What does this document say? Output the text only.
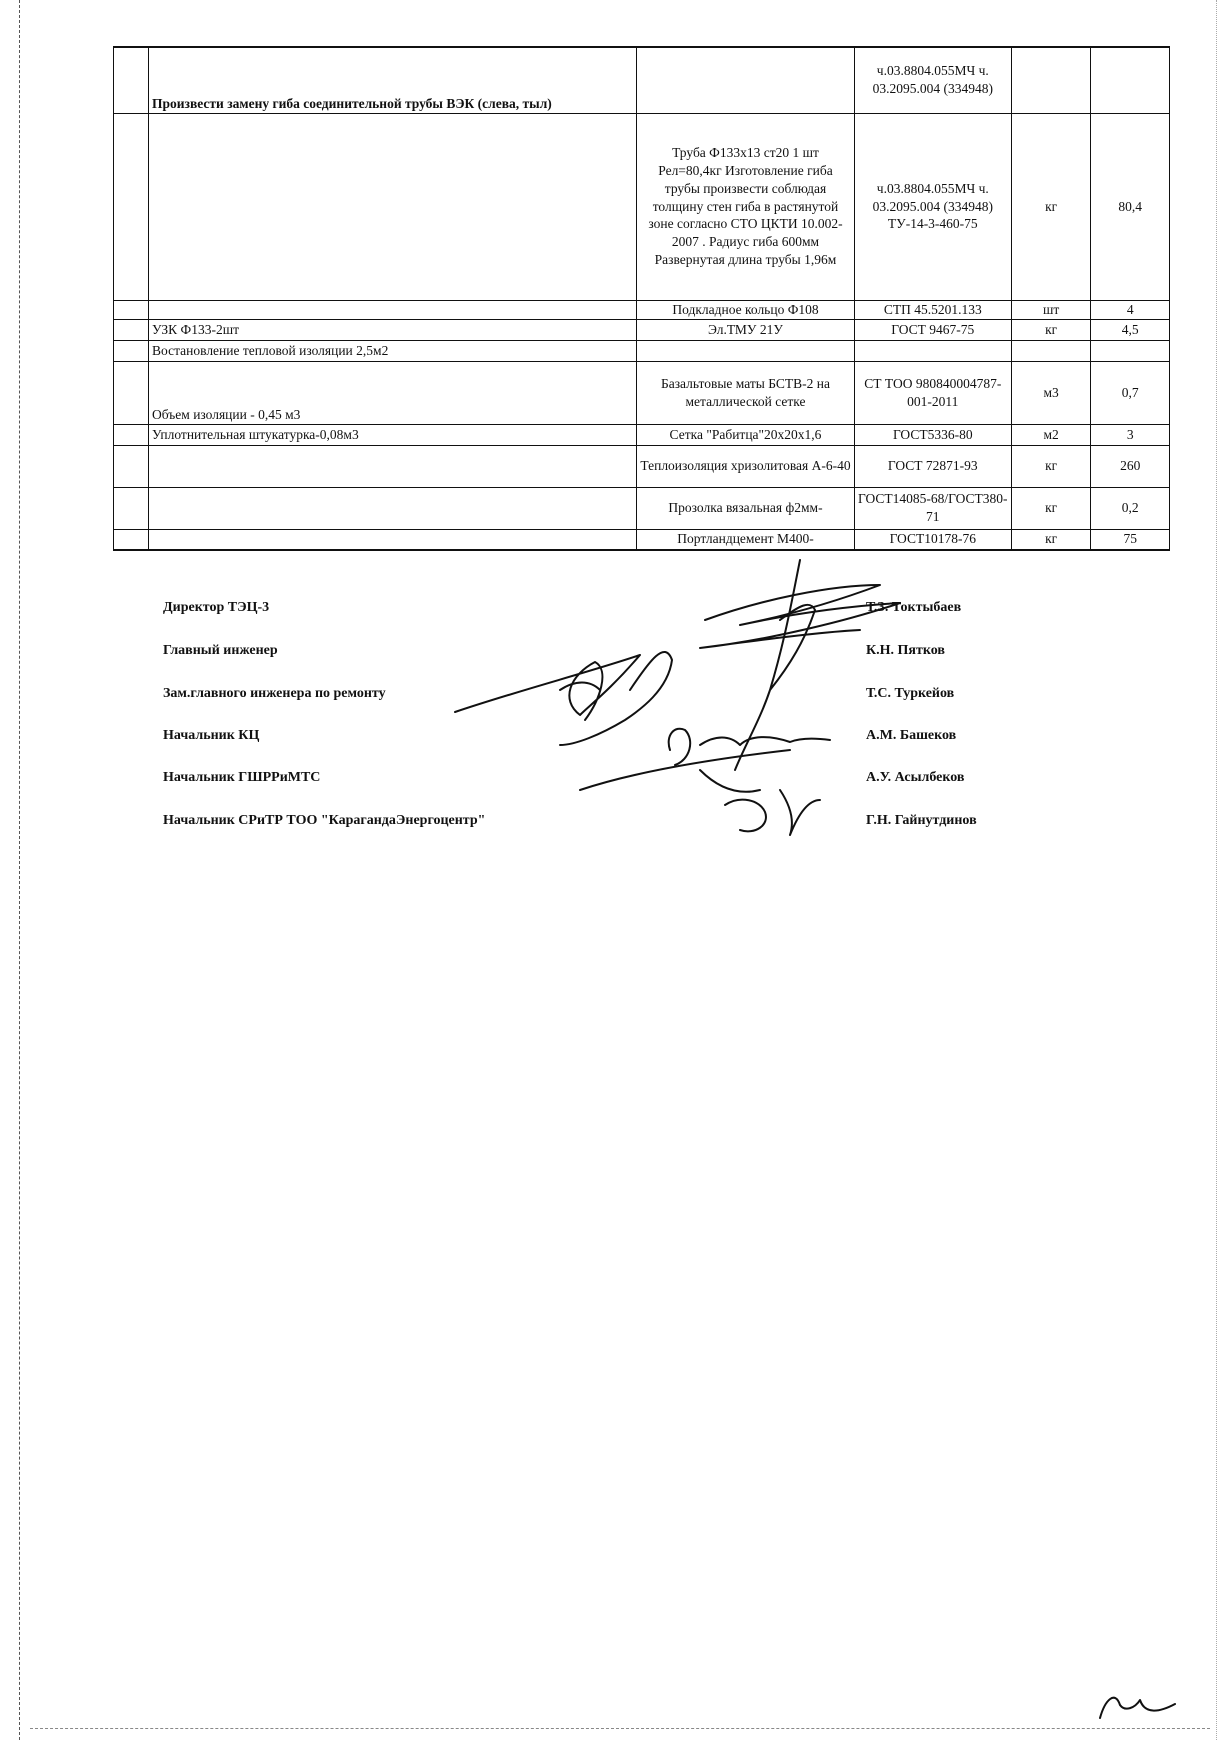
	Произвести замену гиба соединительной трубы ВЭК (слева, тыл)		ч.03.8804.055МЧ ч. 03.2095.004 (334948)		
		Труба Ф133х13 ст20 1 шт Рел=80,4кг Изготовление гиба трубы произвести соблюдая толщину стен гиба в растянутой зоне согласно СТО ЦКТИ 10.002-2007 . Радиус гиба 600мм Развернутая длина трубы 1,96м	ч.03.8804.055МЧ ч. 03.2095.004 (334948) ТУ-14-3-460-75	кг	80,4
		Подкладное кольцо Ф108	СТП 45.5201.133	шт	4
	УЗК Ф133-2шт	Эл.ТМУ 21У	ГОСТ 9467-75	кг	4,5
	Востановление тепловой изоляции 2,5м2				
	Объем изоляции - 0,45 м3	Базальтовые маты БСТВ-2 на металлической сетке	СТ ТОО 980840004787-001-2011	м3	0,7
	Уплотнительная штукатурка-0,08м3	Сетка "Рабитца"20х20х1,6	ГОСТ5336-80	м2	3
		Теплоизоляция хризолитовая А-6-40	ГОСТ 72871-93	кг	260
		Прозолка вязальная ф2мм-	ГОСТ14085-68/ГОСТ380-71	кг	0,2
		Портландцемент М400-	ГОСТ10178-76	кг	75
Директор ТЭЦ-3	Т.З. Токтыбаев
Главный инженер	К.Н. Пятков
Зам.главного инженера по ремонту	Т.С. Туркейов
Начальник КЦ	А.М. Башеков
Начальник ГШРРиМТС	А.У. Асылбеков
Начальник СРиТР ТОО "КарагандаЭнергоцентр"	Г.Н. Гайнутдинов
